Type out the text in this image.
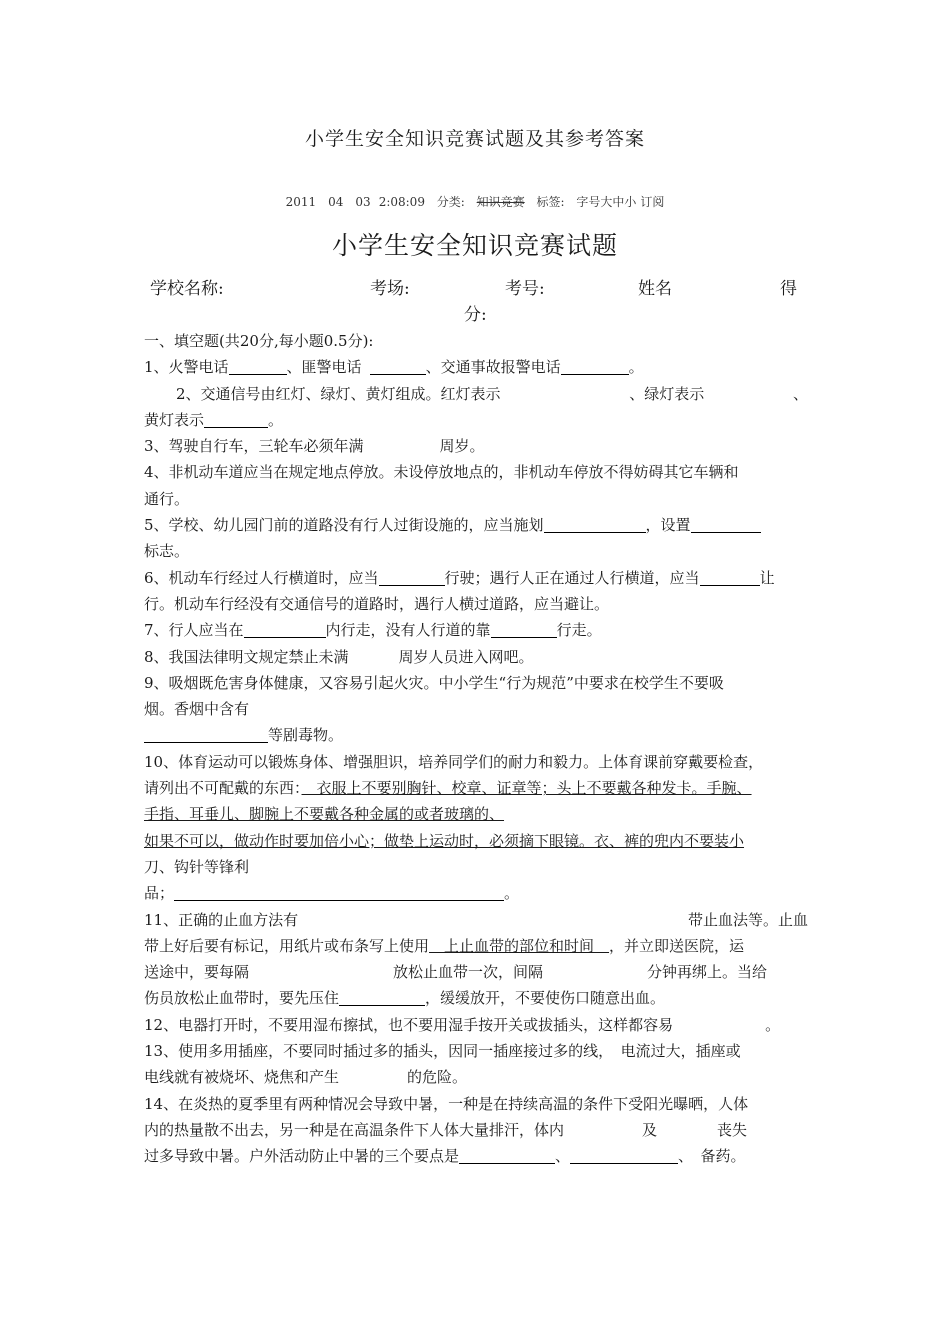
小学生安全知识竞赛试题及其参考答案
2011　04　03 2:08:09 分类: 知识竞赛 标签: 字号大中小 订阅
小学生安全知识竞赛试题
学校名称:	考场:	考号:	姓名	得
分:
一、填空题(共20分,每小题0.5分):
1、火警电话	、匪警电话	、交通事故报警电话	。
2、交通信号由红灯、绿灯、黄灯组成。红灯表示	、绿灯表示	、
黄灯表示	。
3、驾驶自行车，三轮车必须年满	周岁。
4、非机动车道应当在规定地点停放。未设停放地点的，非机动车停放不得妨碍其它车辆和
通行。
5、学校、幼儿园门前的道路没有行人过街设施的，应当施划	，设置
标志。
6、机动车行经过人行横道时，应当	行驶；遇行人正在通过人行横道，应当	让
行。机动车行经没有交通信号的道路时，遇行人横过道路，应当避让。
7、行人应当在	内行走，没有人行道的靠	行走。
8、我国法律明文规定禁止未满	周岁人员进入网吧。
9、吸烟既危害身体健康，又容易引起火灾。中小学生“行为规范”中要求在校学生不要吸
烟。香烟中含有
等剧毒物。
10、体育运动可以锻炼身体、增强胆识，培养同学们的耐力和毅力。上体育课前穿戴要检查，
请列出不可配戴的东西：　衣服上不要别胸针、校章、证章等；头上不要戴各种发卡。手腕、
手指、耳垂儿、脚腕上不要戴各种金属的或者玻璃的、
如果不可以，做动作时要加倍小心；做垫上运动时，必须摘下眼镜。衣、裤的兜内不要装小
刀、钩针等锋利
品；	。
11、正确的止血方法有	带止血法等。止血
带上好后要有标记，用纸片或布条写上使用　上止血带的部位和时间　，并立即送医院，运
送途中，要每隔	放松止血带一次，间隔	分钟再绑上。当给
伤员放松止血带时，要先压住	，缓缓放开，不要使伤口随意出血。
12、电器打开时，不要用湿布擦拭，也不要用湿手按开关或拔插头，这样都容易	。
13、使用多用插座，不要同时插过多的插头，因同一插座接过多的线，　电流过大，插座或
电线就有被烧坏、烧焦和产生	的危险。
14、在炎热的夏季里有两种情况会导致中暑，一种是在持续高温的条件下受阳光曝晒，人体
内的热量散不出去，另一种是在高温条件下人体大量排汗，体内	及	丧失
过多导致中暑。户外活动防止中暑的三个要点是	、	、　备药。
